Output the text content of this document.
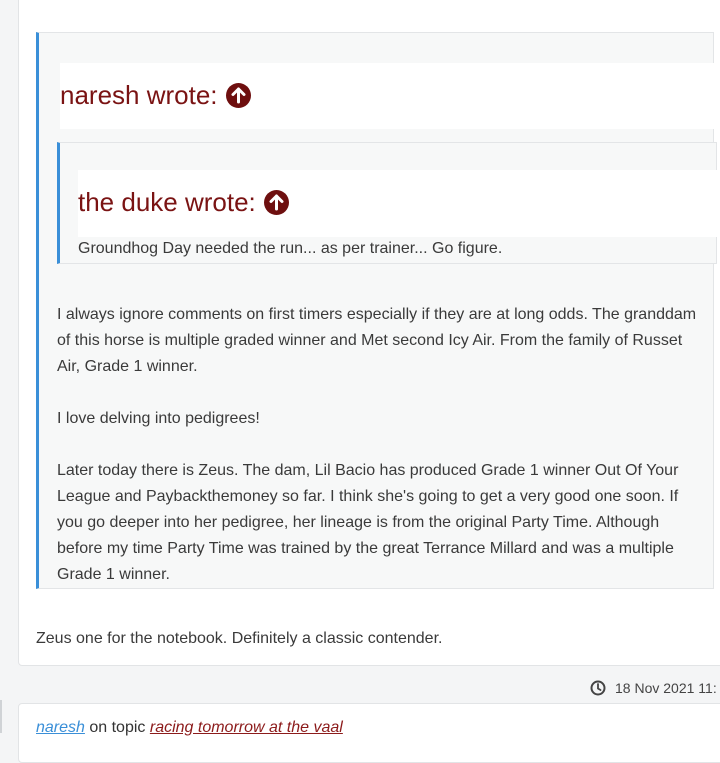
naresh wrote:
the duke wrote:
Groundhog Day needed the run... as per trainer... Go figure.

I always ignore comments on first timers especially if they are at long odds. The granddam of this horse is multiple graded winner and Met second Icy Air. From the family of Russet Air, Grade 1 winner.

I love delving into pedigrees!

Later today there is Zeus. The dam, Lil Bacio has produced Grade 1 winner Out Of Your League and Paybackthemoney so far. I think she's going to get a very good one soon. If you go deeper into her pedigree, her lineage is from the original Party Time. Although before my time Party Time was trained by the great Terrance Millard and was a multiple Grade 1 winner.

Zeus one for the notebook. Definitely a classic contender.
18 Nov 2021 11:
naresh on topic racing tomorrow at the vaal
